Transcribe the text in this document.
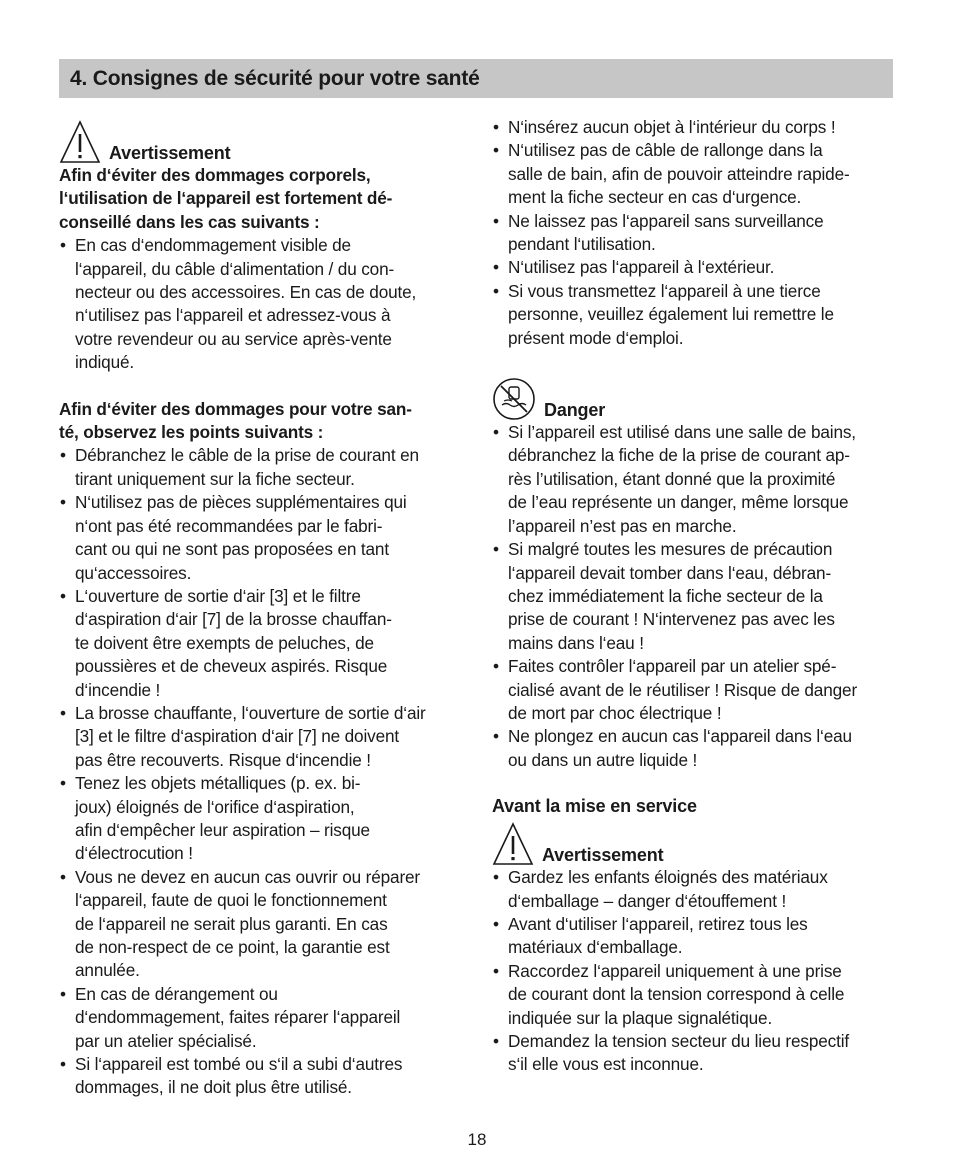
4. Consignes de sécurité pour votre santé
Avertissement
Afin d‘éviter des dommages corporels,
l‘utilisation de l‘appareil est fortement dé-
conseillé dans les cas suivants :
• En cas d‘endommagement visible de
l‘appareil, du câble d‘alimentation / du con-
necteur ou des accessoires. En cas de doute,
n‘utilisez pas l‘appareil et adressez-vous à
votre revendeur ou au service après-vente
indiqué.
Afin d‘éviter des dommages pour votre san-
té, observez les points suivants :
• Débranchez le câble de la prise de courant en
tirant uniquement sur la fiche secteur.
• N‘utilisez pas de pièces supplémentaires qui
n‘ont pas été recommandées par le fabri-
cant ou qui ne sont pas proposées en tant
qu‘accessoires.
• L‘ouverture de sortie d‘air [3] et le filtre
d‘aspiration d‘air [7] de la brosse chauffan-
te doivent être exempts de peluches, de
poussières et de cheveux aspirés. Risque
d‘incendie !
• La brosse chauffante, l‘ouverture de sortie d‘air
[3] et le filtre d‘aspiration d‘air [7] ne doivent
pas être recouverts. Risque d‘incendie !
• Tenez les objets métalliques (p. ex. bi-
joux) éloignés de l‘orifice d‘aspiration,
afin d‘empêcher leur aspiration – risque
d‘électrocution !
• Vous ne devez en aucun cas ouvrir ou réparer
l‘appareil, faute de quoi le fonctionnement
de l‘appareil ne serait plus garanti. En cas
de non-respect de ce point, la garantie est
annulée.
• En cas de dérangement ou
d‘endommagement, faites réparer l‘appareil
par un atelier spécialisé.
• Si l‘appareil est tombé ou s‘il a subi d‘autres
dommages, il ne doit plus être utilisé.
• N‘insérez aucun objet à l‘intérieur du corps !
• N‘utilisez pas de câble de rallonge dans la
salle de bain, afin de pouvoir atteindre rapide-
ment la fiche secteur en cas d‘urgence.
• Ne laissez pas l‘appareil sans surveillance
pendant l‘utilisation.
• N‘utilisez pas l‘appareil à l‘extérieur.
• Si vous transmettez l‘appareil à une tierce
personne, veuillez également lui remettre le
présent mode d‘emploi.
Danger
• Si l’appareil est utilisé dans une salle de bains,
débranchez la fiche de la prise de courant ap-
rès l’utilisation, étant donné que la proximité
de l’eau représente un danger, même lorsque
l’appareil n’est pas en marche.
• Si malgré toutes les mesures de précaution
l‘appareil devait tomber dans l‘eau, débran-
chez immédiatement la fiche secteur de la
prise de courant ! N‘intervenez pas avec les
mains dans l‘eau !
• Faites contrôler l‘appareil par un atelier spé-
cialisé avant de le réutiliser ! Risque de danger
de mort par choc électrique !
• Ne plongez en aucun cas l‘appareil dans l‘eau
ou dans un autre liquide !
Avant la mise en service
Avertissement
• Gardez les enfants éloignés des matériaux
d‘emballage – danger d‘étouffement !
• Avant d‘utiliser l‘appareil, retirez tous les
matériaux d‘emballage.
• Raccordez l‘appareil uniquement à une prise
de courant dont la tension correspond à celle
indiquée sur la plaque signalétique.
• Demandez la tension secteur du lieu respectif
s‘il elle vous est inconnue.
18
